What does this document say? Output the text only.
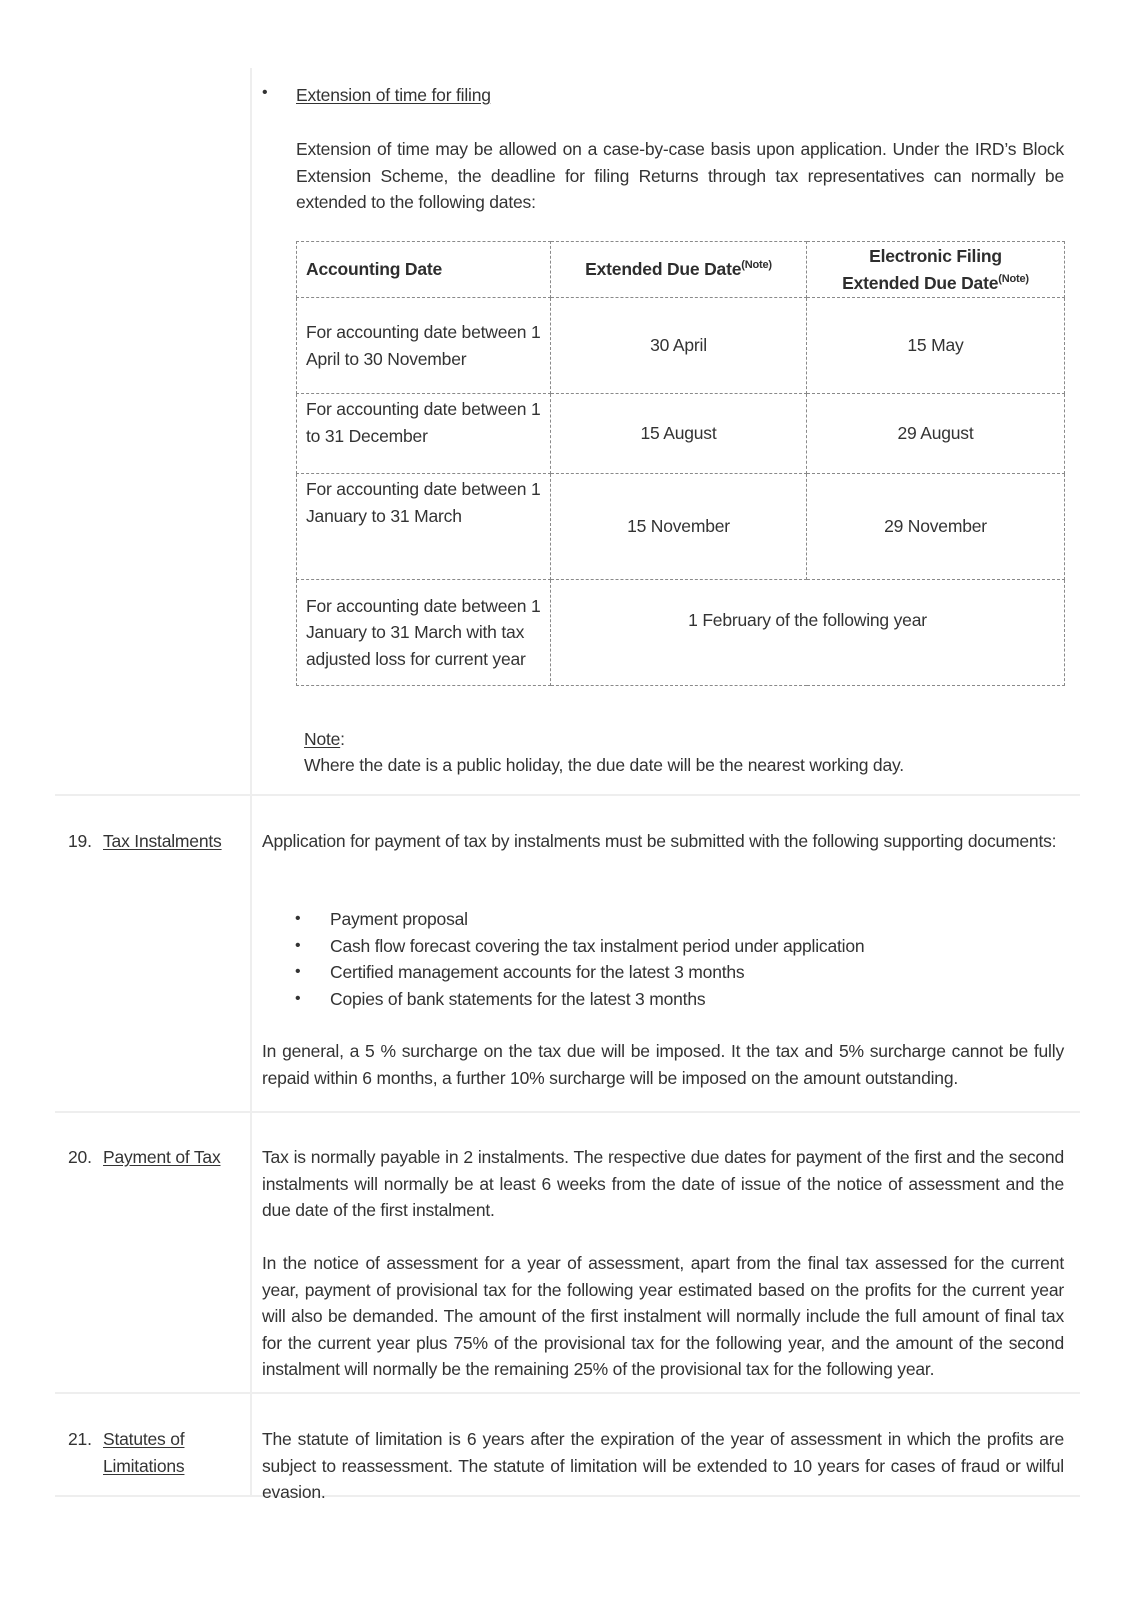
• Extension of time for filing
Extension of time may be allowed on a case-by-case basis upon application. Under the IRD’s Block Extension Scheme, the deadline for filing Returns through tax representatives can normally be extended to the following dates:
Accounting Date	Extended Due Date$^{(Note)}$	Electronic Filing
Extended Due Date$^{(Note)}$
For accounting date between 1 April to 30 November	30 April	15 May
For accounting date between 1 to 31 December	15 August	29 August
For accounting date between 1 January to 31 March	15 November	29 November
For accounting date between 1 January to 31 March with tax adjusted loss for current year	1 February of the following year	
Note:
Where the date is a public holiday, the due date will be the nearest working day.
19. Tax Instalments Application for payment of tax by instalments must be submitted with the following supporting documents:
• Payment proposal
• Cash flow forecast covering the tax instalment period under application
• Certified management accounts for the latest 3 months
• Copies of bank statements for the latest 3 months
In general, a 5 % surcharge on the tax due will be imposed. It the tax and 5% surcharge cannot be fully repaid within 6 months, a further 10% surcharge will be imposed on the amount outstanding.
20. Payment of Tax Tax is normally payable in 2 instalments. The respective due dates for payment of the first and the second instalments will normally be at least 6 weeks from the date of issue of the notice of assessment and the due date of the first instalment.
In the notice of assessment for a year of assessment, apart from the final tax assessed for the current year, payment of provisional tax for the following year estimated based on the profits for the current year will also be demanded. The amount of the first instalment will normally include the full amount of final tax for the current year plus 75% of the provisional tax for the following year, and the amount of the second instalment will normally be the remaining 25% of the provisional tax for the following year.
21. Statutes of
Limitations
The statute of limitation is 6 years after the expiration of the year of assessment in which the profits are subject to reassessment. The statute of limitation will be extended to 10 years for cases of fraud or wilful evasion.
